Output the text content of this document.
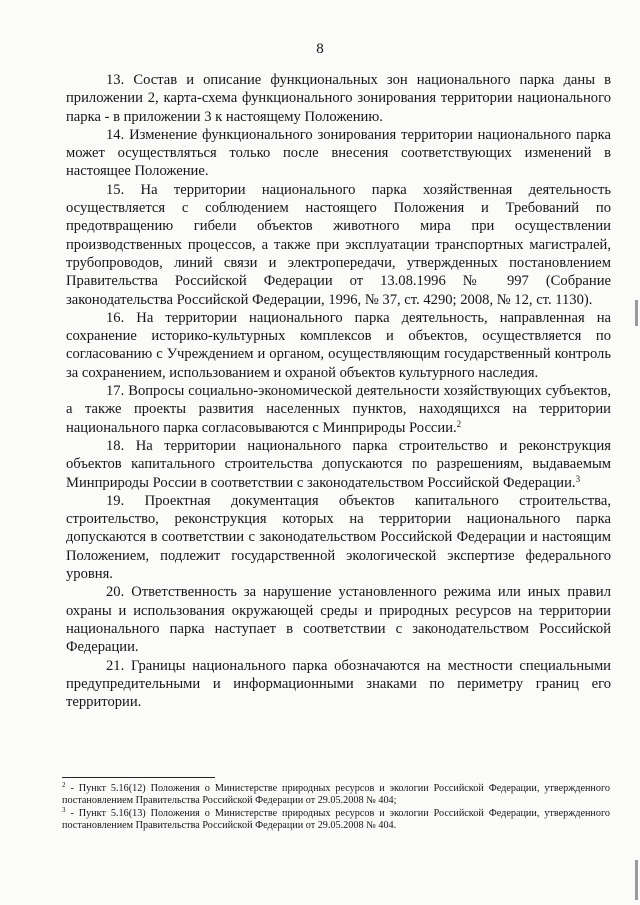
8

13. Состав и описание функциональных зон национального парка даны в приложении 2, карта-схема функционального зонирования территории национального парка - в приложении 3 к настоящему Положению.

14. Изменение функционального зонирования территории национального парка может осуществляться только после внесения соответствующих изменений в настоящее Положение.

15. На территории национального парка хозяйственная деятельность осуществляется с соблюдением настоящего Положения и Требований по предотвращению гибели объектов животного мира при осуществлении производственных процессов, а также при эксплуатации транспортных магистралей, трубопроводов, линий связи и электропередачи, утвержденных постановлением Правительства Российской Федерации от 13.08.1996 № 997 (Собрание законодательства Российской Федерации, 1996, № 37, ст. 4290; 2008, № 12, ст. 1130).

16. На территории национального парка деятельность, направленная на сохранение историко-культурных комплексов и объектов, осуществляется по согласованию с Учреждением и органом, осуществляющим государственный контроль за сохранением, использованием и охраной объектов культурного наследия.

17. Вопросы социально-экономической деятельности хозяйствующих субъектов, а также проекты развития населенных пунктов, находящихся на территории национального парка согласовываются с Минприроды России.$^2$

18. На территории национального парка строительство и реконструкция объектов капитального строительства допускаются по разрешениям, выдаваемым Минприроды России в соответствии с законодательством Российской Федерации.$^3$

19. Проектная документация объектов капитального строительства, строительство, реконструкция которых на территории национального парка допускаются в соответствии с законодательством Российской Федерации и настоящим Положением, подлежит государственной экологической экспертизе федерального уровня.

20. Ответственность за нарушение установленного режима или иных правил охраны и использования окружающей среды и природных ресурсов на территории национального парка наступает в соответствии с законодательством Российской Федерации.

21. Границы национального парка обозначаются на местности специальными предупредительными и информационными знаками по периметру границ его территории.

$^2$ - Пункт 5.16(12) Положения о Министерстве природных ресурсов и экологии Российской Федерации, утвержденного постановлением Правительства Российской Федерации от 29.05.2008 № 404;

$^3$ - Пункт 5.16(13) Положения о Министерстве природных ресурсов и экологии Российской Федерации, утвержденного постановлением Правительства Российской Федерации от 29.05.2008 № 404.
